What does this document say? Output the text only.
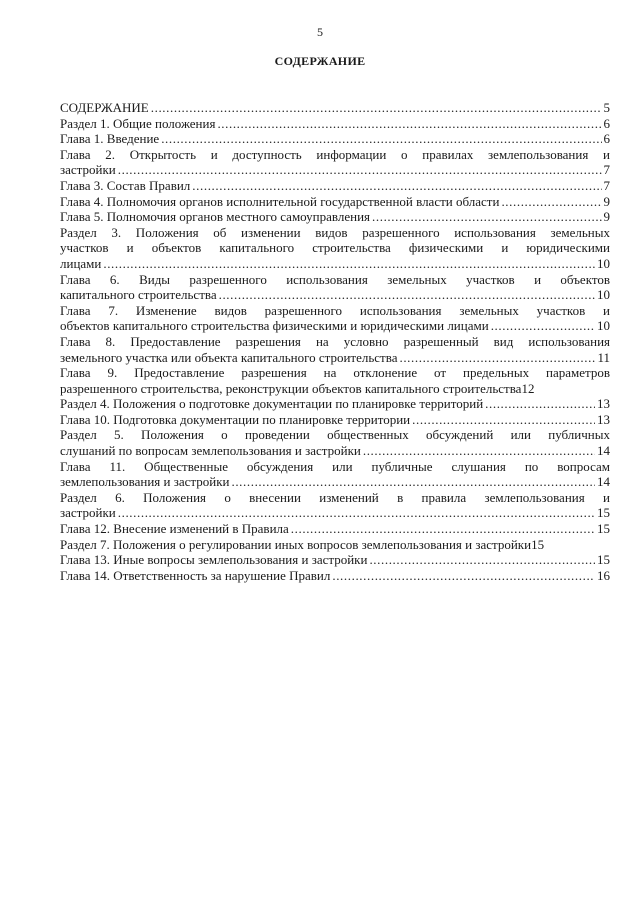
5
СОДЕРЖАНИЕ
СОДЕРЖАНИЕ .....	5
Раздел 1. Общие положения .....	6
Глава 1. Введение .....	6

Глава 2. Открытость и доступность информации о правилах землепользования и

застройки .....	7
Глава 3. Состав Правил .....	7
Глава 4. Полномочия органов исполнительной государственной власти области .....	9
Глава 5. Полномочия органов местного самоуправления .....	9

Раздел 3. Положения об изменении видов разрешенного использования земельных

участков и объектов капитального строительства физическими и юридическими

лицами .....	10

Глава 6. Виды разрешенного использования земельных участков и объектов

капитального строительства .....	10

Глава 7. Изменение видов разрешенного использования земельных участков и

объектов капитального строительства физическими и юридическими лицами .....	10

Глава 8. Предоставление разрешения на условно разрешенный вид использования

земельного участка или объекта капитального строительства .....	11

Глава 9. Предоставление разрешения на отклонение от предельных параметров

разрешенного строительства, реконструкции объектов капитального строительства 12
Раздел 4. Положения о подготовке документации по планировке территорий .....	13
Глава 10. Подготовка документации по планировке территории .....	13

Раздел 5. Положения о проведении общественных обсуждений или публичных

слушаний по вопросам землепользования и застройки .....	14

Глава 11. Общественные обсуждения или публичные слушания по вопросам

землепользования и застройки .....	14

Раздел 6. Положения о внесении изменений в правила землепользования и

застройки .....	15
Глава 12. Внесение изменений в Правила .....	15
Раздел 7. Положения о регулировании иных вопросов землепользования и застройки 15
Глава 13. Иные вопросы землепользования и застройки .....	15
Глава 14. Ответственность за нарушение Правил .....	16
